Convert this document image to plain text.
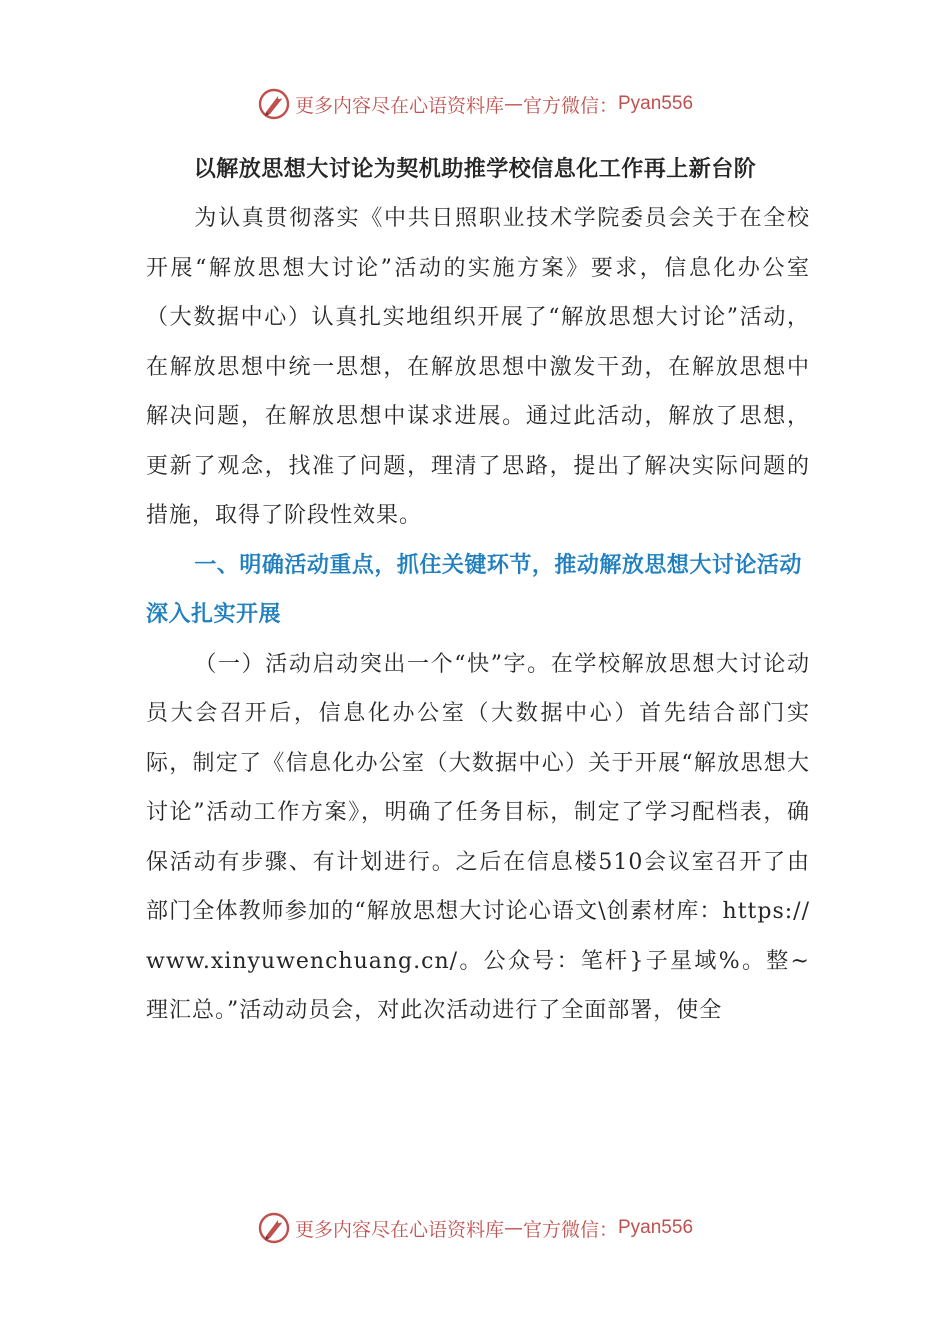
更多内容尽在心语资料库 — 官方微信： Pyan556
以解放思想大讨论为契机助推学校信息化工作再上新台阶

为认真贯彻落实《中共日照职业技术学院委员会关于在全校开展“解放思想大讨论”活动的实施方案》要求，信息化办公室（大数据中心）认真扎实地组织开展了“解放思想大讨论”活动，在解放思想中统一思想，在解放思想中激发干劲，在解放思想中解决问题，在解放思想中谋求进展。通过此活动，解放了思想，更新了观念，找准了问题，理清了思路，提出了解决实际问题的措施，取得了阶段性效果。

一、明确活动重点，抓住关键环节，推动解放思想大讨论活动深入扎实开展

（一）活动启动突出一个“快”字。在学校解放思想大讨论动员大会召开后，信息化办公室（大数据中心）首先结合部门实际，制定了《信息化办公室（大数据中心）关于开展“解放思想大讨论”活动工作方案》，明确了任务目标，制定了学习配档表，确保活动有步骤、有计划进行。之后在信息楼510会议室召开了由部门全体教师参加的“解放思想大讨论心语文\创素材库：https:// www.xinyuwenchuang.cn/。公众号：笔杆}子星域%。整~理汇总。”活动动员会，对此次活动进行了全面部署，使全

更多内容尽在心语资料库 — 官方微信： Pyan556
